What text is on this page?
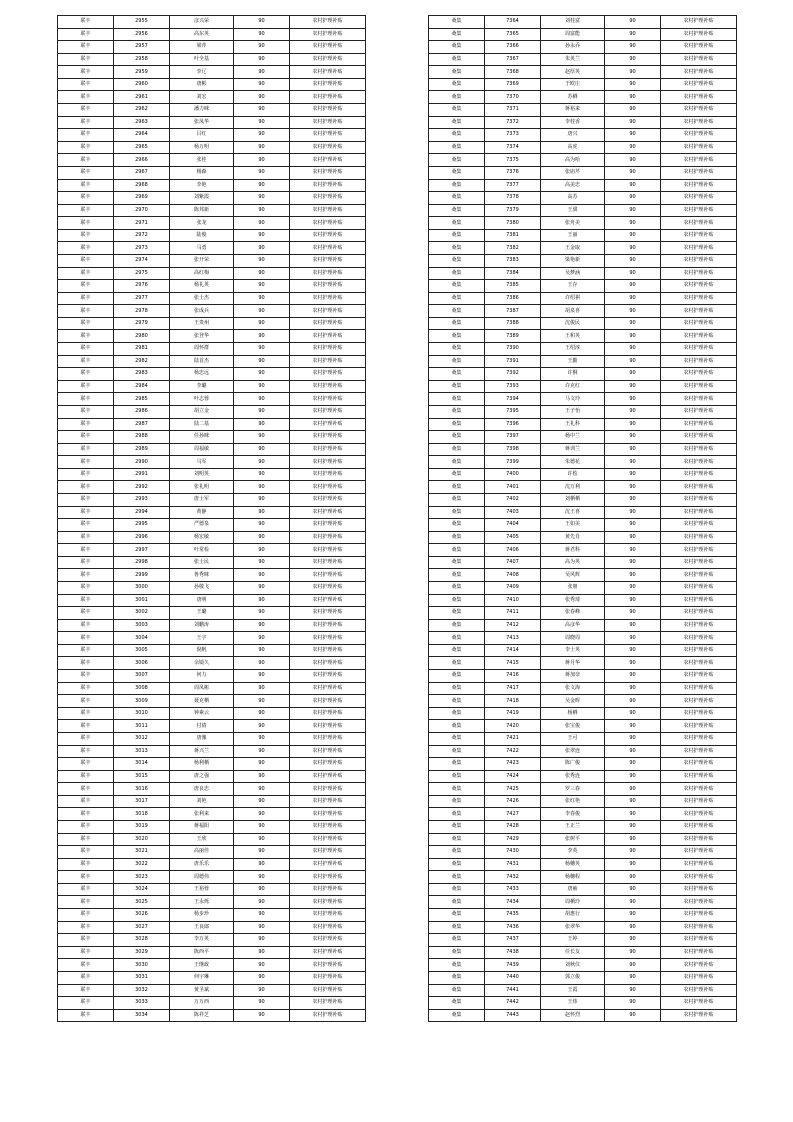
联丰	2955	彦兴荣	90	农村护理补贴
联丰	2956	高东英	90	农村护理补贴
联丰	2957	梁芹	90	农村护理补贴
联丰	2958	叶全基	90	农村护理补贴
联丰	2959	李辽	90	农村护理补贴
联丰	2960	唐彬	90	农村护理补贴
联丰	2961	刘宏	90	农村护理补贴
联丰	2962	潘力咪	90	农村护理补贴
联丰	2963	张凤华	90	农村护理补贴
联丰	2964	吕红	90	农村护理补贴
联丰	2965	杨万明	90	农村护理补贴
联丰	2966	张桂	90	农村护理补贴
联丰	2967	杨森	90	农村护理补贴
联丰	2968	李艳	90	农村护理补贴
联丰	2969	刘紫霞	90	农村护理补贴
联丰	2970	陈邦新	90	农村护理补贴
联丰	2971	张龙	90	农村护理补贴
联丰	2972	陆俊	90	农村护理补贴
联丰	2973	马勇	90	农村护理补贴
联丰	2974	张开荣	90	农村护理补贴
联丰	2975	高红梅	90	农村护理补贴
联丰	2976	杨礼英	90	农村护理补贴
联丰	2977	张士杰	90	农村护理补贴
联丰	2978	张成兵	90	农村护理补贴
联丰	2979	王贵州	90	农村护理补贴
联丰	2980	张登华	90	农村护理补贴
联丰	2981	周怀群	90	农村护理补贴
联丰	2982	陆首杰	90	农村护理补贴
联丰	2983	杨忠远	90	农村护理补贴
联丰	2984	李璐	90	农村护理补贴
联丰	2985	叶志蓉	90	农村护理补贴
联丰	2986	胡立金	90	农村护理补贴
联丰	2987	陆二基	90	农村护理补贴
联丰	2988	任孙咪	90	农村护理补贴
联丰	2989	周福敏	90	农村护理补贴
联丰	2990	马军	90	农村护理补贴
联丰	2991	刘明英	90	农村护理补贴
联丰	2992	张礼明	90	农村护理补贴
联丰	2993	唐士军	90	农村护理补贴
联丰	2994	黄静	90	农村护理补贴
联丰	2995	严德泉	90	农村护理补贴
联丰	2996	杨宏敏	90	农村护理补贴
联丰	2997	叶常检	90	农村护理补贴
联丰	2998	张士民	90	农村护理补贴
联丰	2999	鲁秀咪	90	农村护理补贴
联丰	3000	孙敬飞	90	农村护理补贴
联丰	3001	唐明	90	农村护理补贴
联丰	3002	王璐	90	农村护理补贴
联丰	3003	刘鹏涛	90	农村护理补贴
联丰	3004	王宇	90	农村护理补贴
联丰	3005	倪帆	90	农村护理补贴
联丰	3006	余镜久	90	农村护理补贴
联丰	3007	何力	90	农村护理补贴
联丰	3008	周凤彬	90	农村护理补贴
联丰	3009	聂克栖	90	农村护理补贴
联丰	3010	钟素云	90	农村护理补贴
联丰	3011	付倩	90	农村护理补贴
联丰	3012	唐豫	90	农村护理补贴
联丰	3013	蒋兴兰	90	农村护理补贴
联丰	3014	杨利栖	90	农村护理补贴
联丰	3015	唐之强	90	农村护理补贴
联丰	3016	唐良忠	90	农村护理补贴
联丰	3017	刘艳	90	农村护理补贴
联丰	3018	张利来	90	农村护理补贴
联丰	3019	蒋福阳	90	农村护理补贴
联丰	3020	王欣	90	农村护理补贴
联丰	3021	高丽佳	90	农村护理补贴
联丰	3022	唐乐乐	90	农村护理补贴
联丰	3023	周德伟	90	农村护理补贴
联丰	3024	王裕蓉	90	农村护理补贴
联丰	3025	王永烁	90	农村护理补贴
联丰	3026	杨步珍	90	农村护理补贴
联丰	3027	王良郎	90	农村护理补贴
联丰	3028	李万英	90	农村护理补贴
联丰	3029	陈西平	90	农村护理补贴
联丰	3030	王继政	90	农村护理补贴
联丰	3031	何宇琳	90	农村护理补贴
联丰	3032	黄圣斌	90	农村护理补贴
联丰	3033	万万西	90	农村护理补贴
联丰	3034	陈祥芝	90	农村护理补贴
桑集	7364	刘桂富	90	农村护理补贴
桑集	7365	周富能	90	农村护理补贴
桑集	7366	孙永乔	90	农村护理补贴
桑集	7367	朱英兰	90	农村护理补贴
桑集	7368	赵厚英	90	农村护理补贴
桑集	7369	于欧庄	90	农村护理补贴
桑集	7370	苏栖	90	农村护理补贴
桑集	7371	蒋裕来	90	农村护理补贴
桑集	7372	李桂香	90	农村护理补贴
桑集	7373	唐兴	90	农村护理补贴
桑集	7374	高虎	90	农村护理补贴
桑集	7375	高为哈	90	农村护理补贴
桑集	7376	张庙芹	90	农村护理补贴
桑集	7377	高美忠	90	农村护理补贴
桑集	7378	高苏	90	农村护理补贴
桑集	7379	王骐	90	农村护理补贴
桑集	7380	张舟美	90	农村护理补贴
桑集	7381	王丽	90	农村护理补贴
桑集	7382	王金取	90	农村护理补贴
桑集	7383	梁艳新	90	农村护理补贴
桑集	7384	吴梦涵	90	农村护理补贴
桑集	7385	王存	90	农村护理补贴
桑集	7386	许绍祺	90	农村护理补贴
桑集	7387	胡泉喜	90	农村护理补贴
桑集	7388	沈俊民	90	农村护理补贴
桑集	7389	王和英	90	农村护理补贴
桑集	7390	王绍淳	90	农村护理补贴
桑集	7391	王勤	90	农村护理补贴
桑集	7392	许桐	90	农村护理补贴
桑集	7393	许克红	90	农村护理补贴
桑集	7394	马文玲	90	农村护理补贴
桑集	7395	王子怡	90	农村护理补贴
桑集	7396	王礼科	90	农村护理补贴
桑集	7397	杨中兰	90	农村护理补贴
桑集	7398	蒋训兰	90	农村护理补贴
桑集	7399	朱德花	90	农村护理补贴
桑集	7400	许桧	90	农村护理补贴
桑集	7401	沈万利	90	农村护理补贴
桑集	7402	刘栖栖	90	农村护理补贴
桑集	7403	沈王喜	90	农村护理补贴
桑集	7404	王如美	90	农村护理补贴
桑集	7405	黄先肖	90	农村护理补贴
桑集	7406	蒋君科	90	农村护理补贴
桑集	7407	高为英	90	农村护理补贴
桑集	7408	吴风辉	90	农村护理补贴
桑集	7409	张朋	90	农村护理补贴
桑集	7410	张秀琦	90	农村护理补贴
桑集	7411	张春峰	90	农村护理补贴
桑集	7412	高彦华	90	农村护理补贴
桑集	7413	周晓周	90	农村护理补贴
桑集	7414	李士英	90	农村护理补贴
桑集	7415	蒋月华	90	农村护理补贴
桑集	7416	蒋加奈	90	农村护理补贴
桑集	7417	张文海	90	农村护理补贴
桑集	7418	吴金晖	90	农村护理补贴
桑集	7419	杨栖	90	农村护理补贴
桑集	7420	张宝俊	90	农村护理补贴
桑集	7421	王可	90	农村护理补贴
桑集	7422	张翠连	90	农村护理补贴
桑集	7423	陈广俊	90	农村护理补贴
桑集	7424	张秀连	90	农村护理补贴
桑集	7425	罗三春	90	农村护理补贴
桑集	7426	张红艳	90	农村护理补贴
桑集	7427	李春俊	90	农村护理补贴
桑集	7428	王正兰	90	农村护理补贴
桑集	7429	张树平	90	农村护理补贴
桑集	7430	李英	90	农村护理补贴
桑集	7431	杨穗英	90	农村护理补贴
桑集	7432	杨穗程	90	农村护理补贴
桑集	7433	唐袖	90	农村护理补贴
桑集	7434	周栖玲	90	农村护理补贴
桑集	7435	胡惠行	90	农村护理补贴
桑集	7436	张翠华	90	农村护理补贴
桑集	7437	王婷	90	农村护理补贴
桑集	7438	任长友	90	农村护理补贴
桑集	7439	刘秋仪	90	农村护理补贴
桑集	7440	郭立俊	90	农村护理补贴
桑集	7441	王霞	90	农村护理补贴
桑集	7442	王炜	90	农村护理补贴
桑集	7443	赵怀烈	90	农村护理补贴
